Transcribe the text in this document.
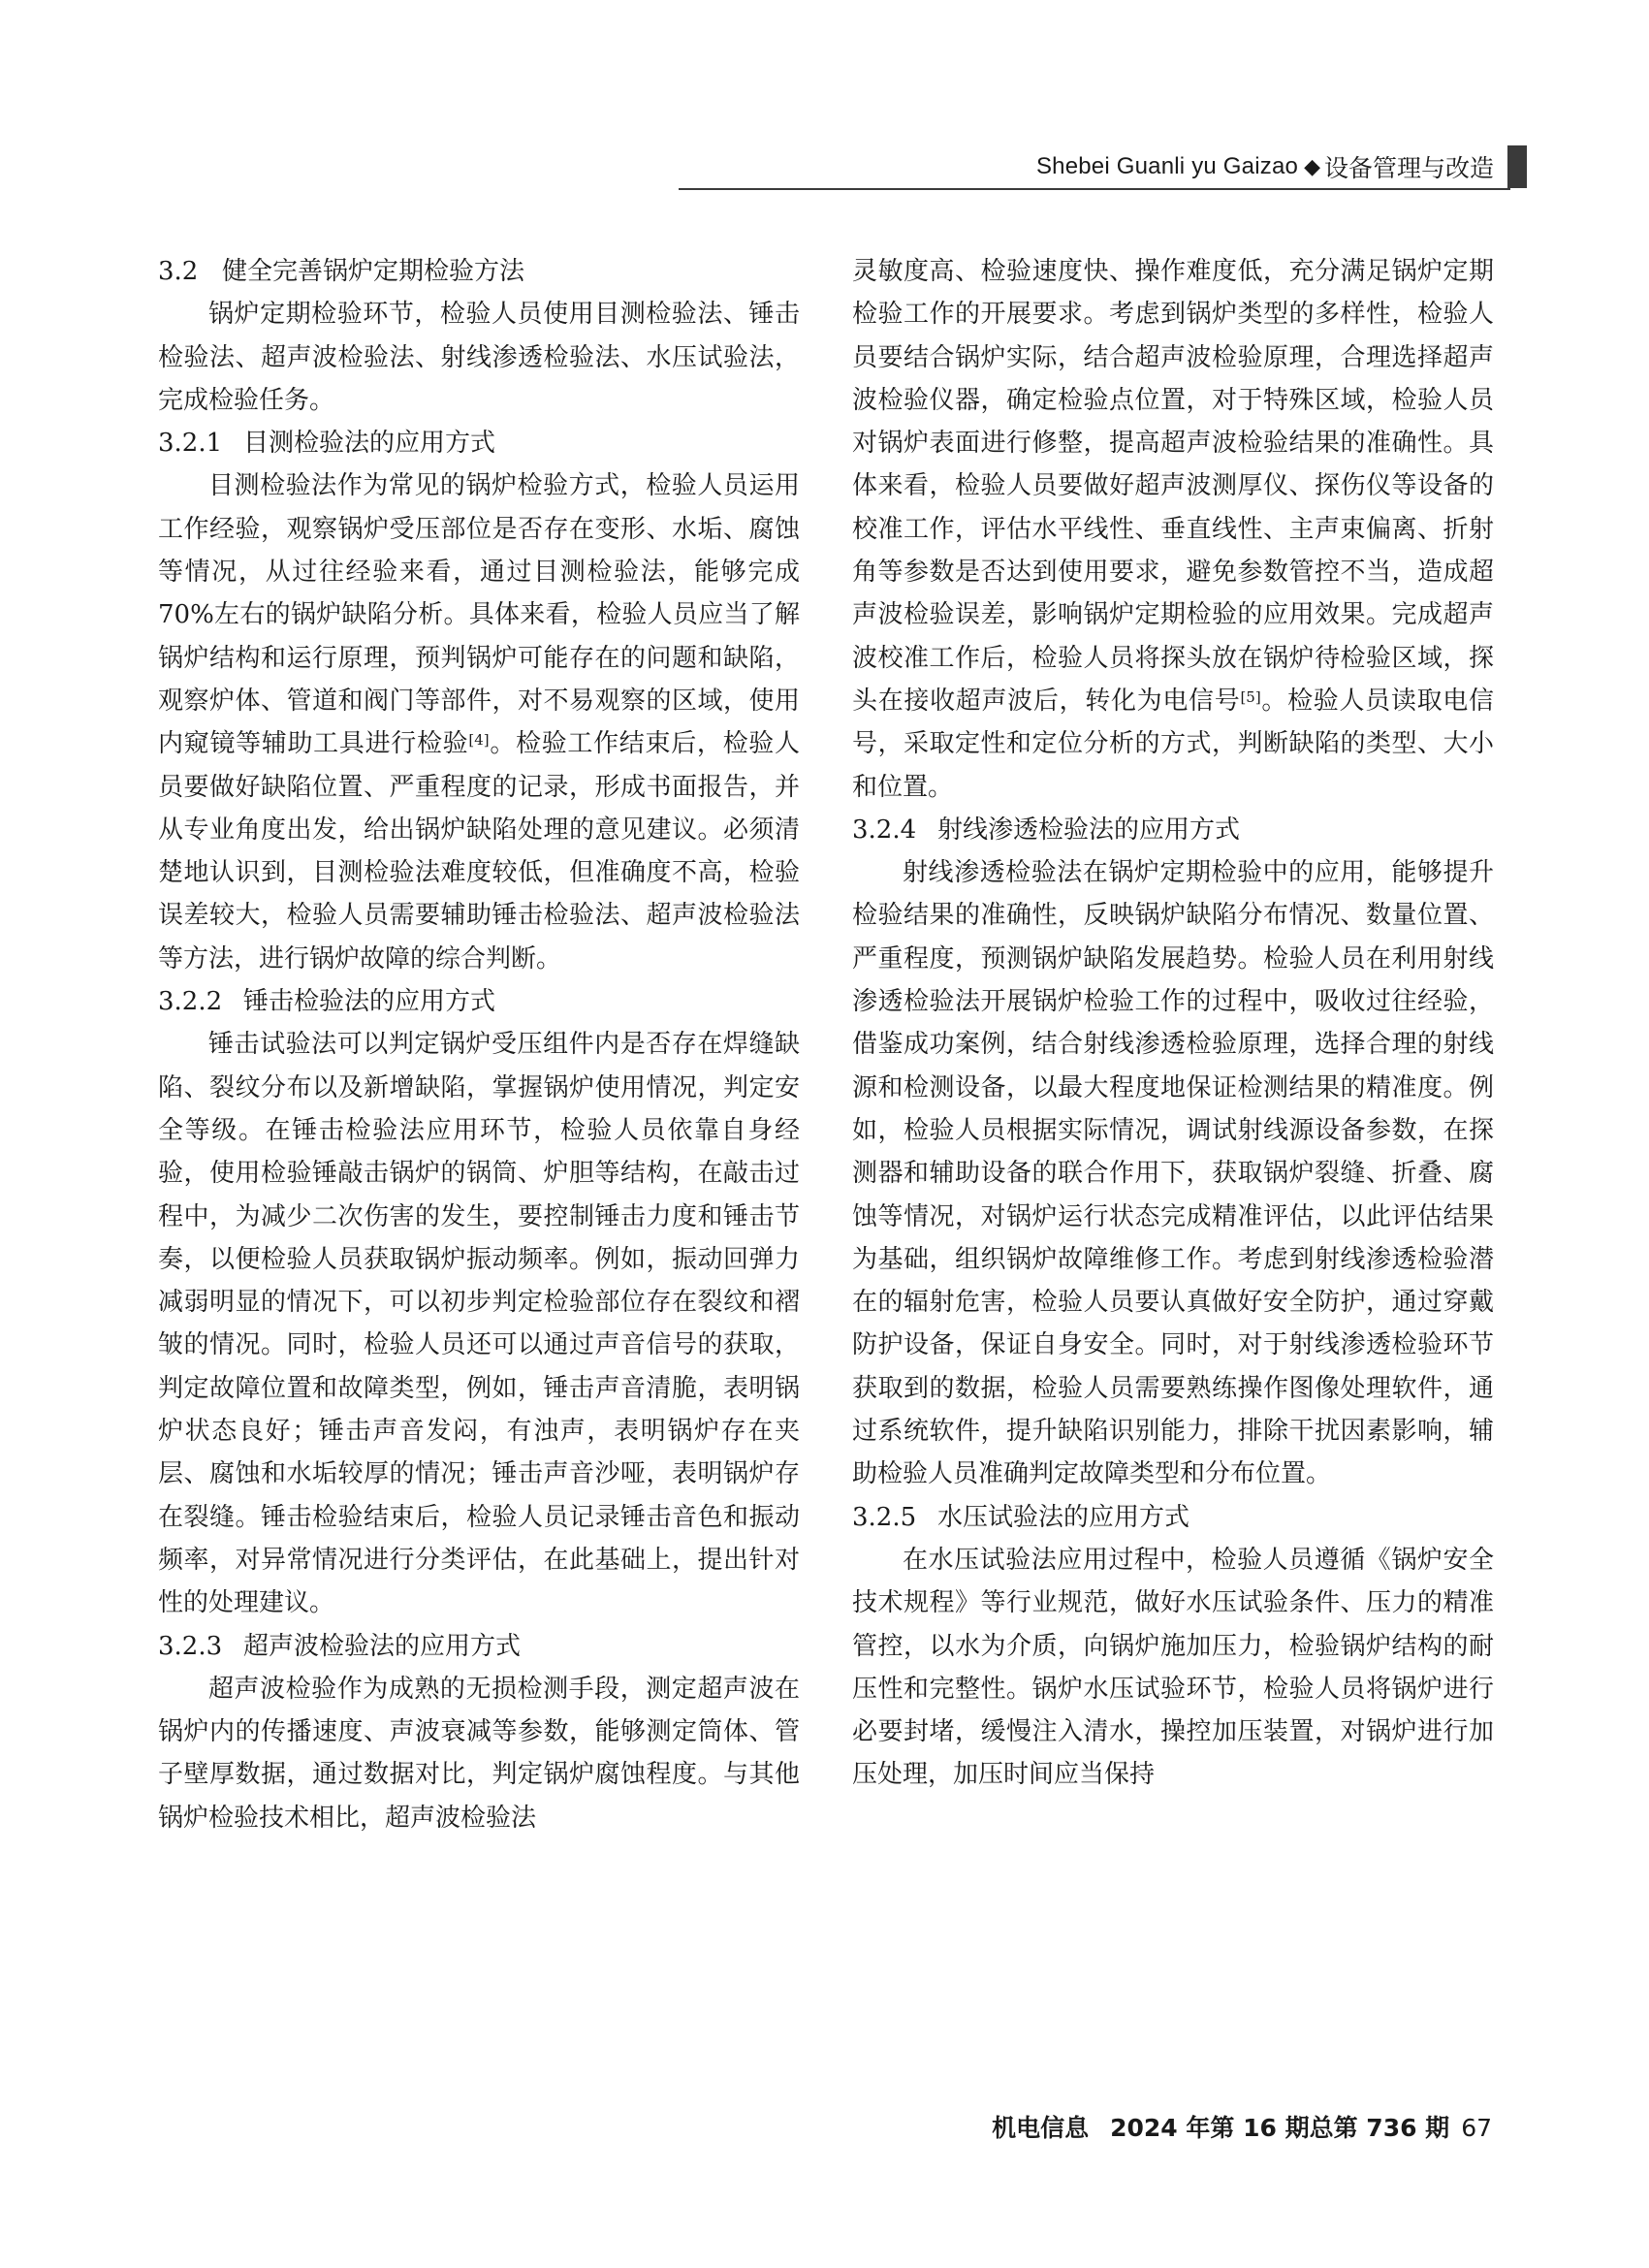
Shebei Guanli yu Gaizao ◆ 设备管理与改造
3.2 健全完善锅炉定期检验方法

锅炉定期检验环节，检验人员使用目测检验法、锤击检验法、超声波检验法、射线渗透检验法、水压试验法，完成检验任务。

3.2.1 目测检验法的应用方式

目测检验法作为常见的锅炉检验方式，检验人员运用工作经验，观察锅炉受压部位是否存在变形、水垢、腐蚀等情况，从过往经验来看，通过目测检验法，能够完成70%左右的锅炉缺陷分析。具体来看，检验人员应当了解锅炉结构和运行原理，预判锅炉可能存在的问题和缺陷，观察炉体、管道和阀门等部件，对不易观察的区域，使用内窥镜等辅助工具进行检验[4]。检验工作结束后，检验人员要做好缺陷位置、严重程度的记录，形成书面报告，并从专业角度出发，给出锅炉缺陷处理的意见建议。必须清楚地认识到，目测检验法难度较低，但准确度不高，检验误差较大，检验人员需要辅助锤击检验法、超声波检验法等方法，进行锅炉故障的综合判断。

3.2.2 锤击检验法的应用方式

锤击试验法可以判定锅炉受压组件内是否存在焊缝缺陷、裂纹分布以及新增缺陷，掌握锅炉使用情况，判定安全等级。在锤击检验法应用环节，检验人员依靠自身经验，使用检验锤敲击锅炉的锅筒、炉胆等结构，在敲击过程中，为减少二次伤害的发生，要控制锤击力度和锤击节奏，以便检验人员获取锅炉振动频率。例如，振动回弹力减弱明显的情况下，可以初步判定检验部位存在裂纹和褶皱的情况。同时，检验人员还可以通过声音信号的获取，判定故障位置和故障类型，例如，锤击声音清脆，表明锅炉状态良好；锤击声音发闷，有浊声，表明锅炉存在夹层、腐蚀和水垢较厚的情况；锤击声音沙哑，表明锅炉存在裂缝。锤击检验结束后，检验人员记录锤击音色和振动频率，对异常情况进行分类评估，在此基础上，提出针对性的处理建议。

3.2.3 超声波检验法的应用方式

超声波检验作为成熟的无损检测手段，测定超声波在锅炉内的传播速度、声波衰减等参数，能够测定筒体、管子壁厚数据，通过数据对比，判定锅炉腐蚀程度。与其他锅炉检验技术相比，超声波检验法

灵敏度高、检验速度快、操作难度低，充分满足锅炉定期检验工作的开展要求。考虑到锅炉类型的多样性，检验人员要结合锅炉实际，结合超声波检验原理，合理选择超声波检验仪器，确定检验点位置，对于特殊区域，检验人员对锅炉表面进行修整，提高超声波检验结果的准确性。具体来看，检验人员要做好超声波测厚仪、探伤仪等设备的校准工作，评估水平线性、垂直线性、主声束偏离、折射角等参数是否达到使用要求，避免参数管控不当，造成超声波检验误差，影响锅炉定期检验的应用效果。完成超声波校准工作后，检验人员将探头放在锅炉待检验区域，探头在接收超声波后，转化为电信号[5]。检验人员读取电信号，采取定性和定位分析的方式，判断缺陷的类型、大小和位置。

3.2.4 射线渗透检验法的应用方式

射线渗透检验法在锅炉定期检验中的应用，能够提升检验结果的准确性，反映锅炉缺陷分布情况、数量位置、严重程度，预测锅炉缺陷发展趋势。检验人员在利用射线渗透检验法开展锅炉检验工作的过程中，吸收过往经验，借鉴成功案例，结合射线渗透检验原理，选择合理的射线源和检测设备，以最大程度地保证检测结果的精准度。例如，检验人员根据实际情况，调试射线源设备参数，在探测器和辅助设备的联合作用下，获取锅炉裂缝、折叠、腐蚀等情况，对锅炉运行状态完成精准评估，以此评估结果为基础，组织锅炉故障维修工作。考虑到射线渗透检验潜在的辐射危害，检验人员要认真做好安全防护，通过穿戴防护设备，保证自身安全。同时，对于射线渗透检验环节获取到的数据，检验人员需要熟练操作图像处理软件，通过系统软件，提升缺陷识别能力，排除干扰因素影响，辅助检验人员准确判定故障类型和分布位置。

3.2.5 水压试验法的应用方式

在水压试验法应用过程中，检验人员遵循《锅炉安全技术规程》等行业规范，做好水压试验条件、压力的精准管控，以水为介质，向锅炉施加压力，检验锅炉结构的耐压性和完整性。锅炉水压试验环节，检验人员将锅炉进行必要封堵，缓慢注入清水，操控加压装置，对锅炉进行加压处理，加压时间应当保持

机电信息 2024 年第 16 期总第 736 期 67
